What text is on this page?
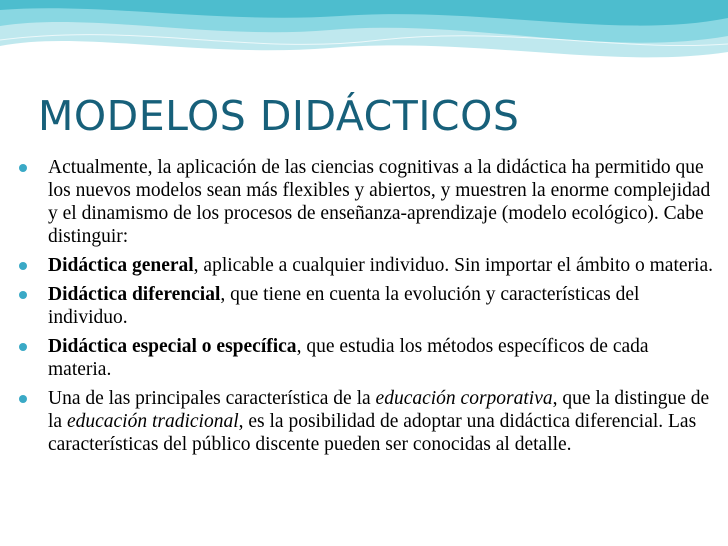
MODELOS DIDÁCTICOS
Actualmente, la aplicación de las ciencias cognitivas a la didáctica ha permitido que los nuevos modelos sean más flexibles y abiertos, y muestren la enorme complejidad y el dinamismo de los procesos de enseñanza-aprendizaje (modelo ecológico). Cabe distinguir:
Didáctica general, aplicable a cualquier individuo. Sin importar el ámbito o materia.
Didáctica diferencial, que tiene en cuenta la evolución y características del individuo.
Didáctica especial o específica, que estudia los métodos específicos de cada materia.
Una de las principales característica de la educación corporativa, que la distingue de la educación tradicional, es la posibilidad de adoptar una didáctica diferencial. Las características del público discente pueden ser conocidas al detalle.
